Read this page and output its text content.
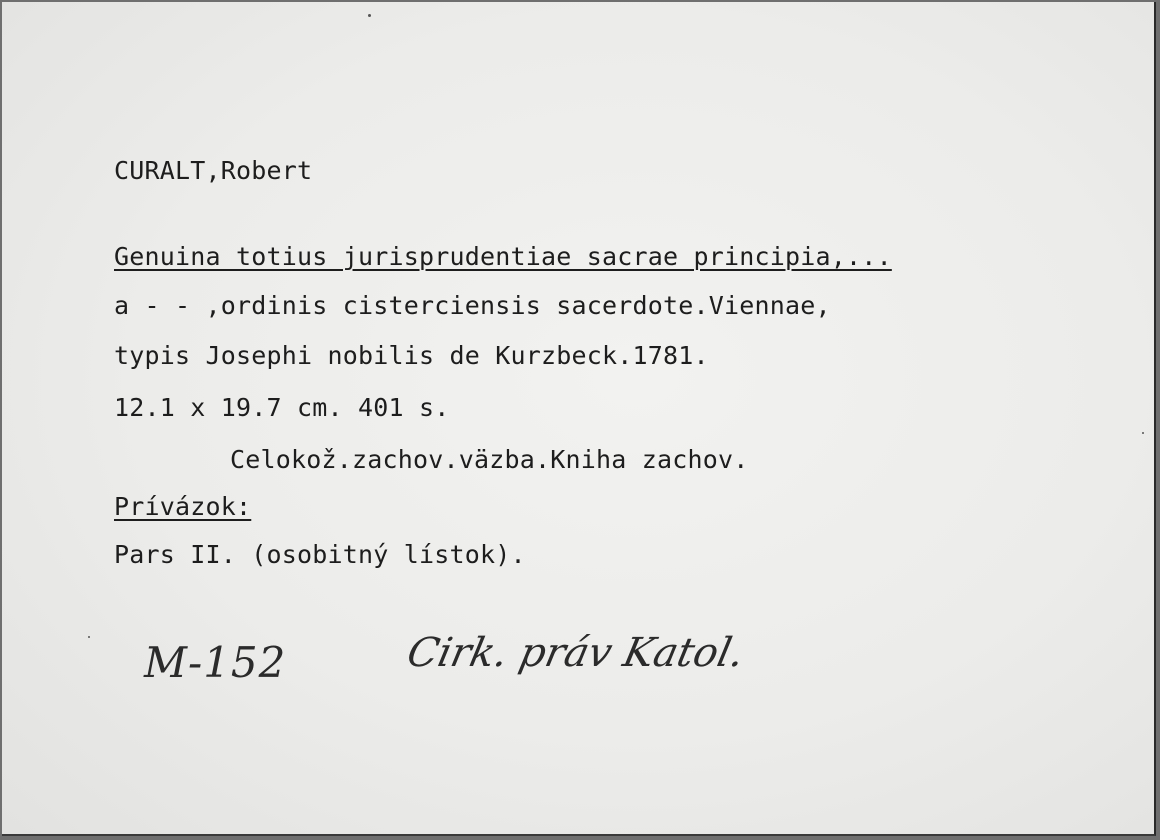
CURALT,Robert
Genuina totius jurisprudentiae sacrae principia,...
a - - ,ordinis cisterciensis sacerdote.Viennae,
typis Josephi nobilis de Kurzbeck.1781.
12.1 x 19.7 cm. 401 s.
Celokož.zachov.väzba.Kniha zachov.
Prívázok:
Pars II. (osobitný lístok).
M-152	Cirk. práv Katol.
